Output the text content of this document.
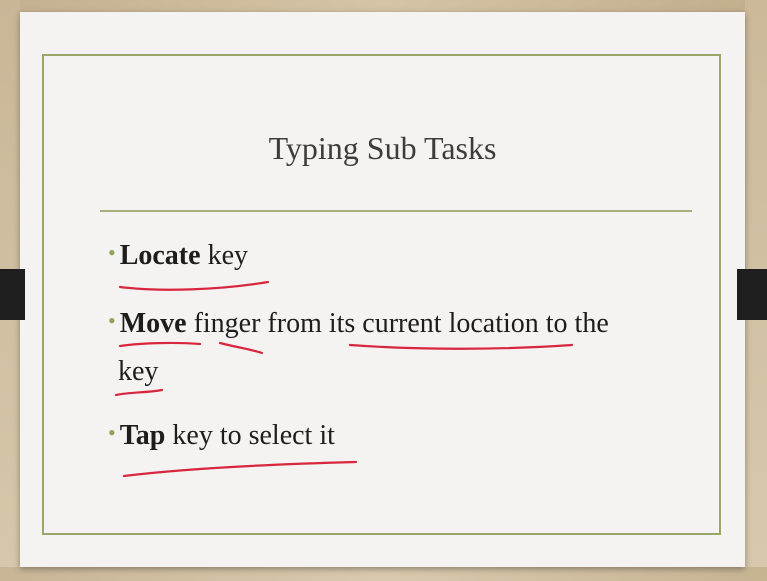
Typing Sub Tasks
• Locate key
• Move finger from its current location to the
key
• Tap key to select it
